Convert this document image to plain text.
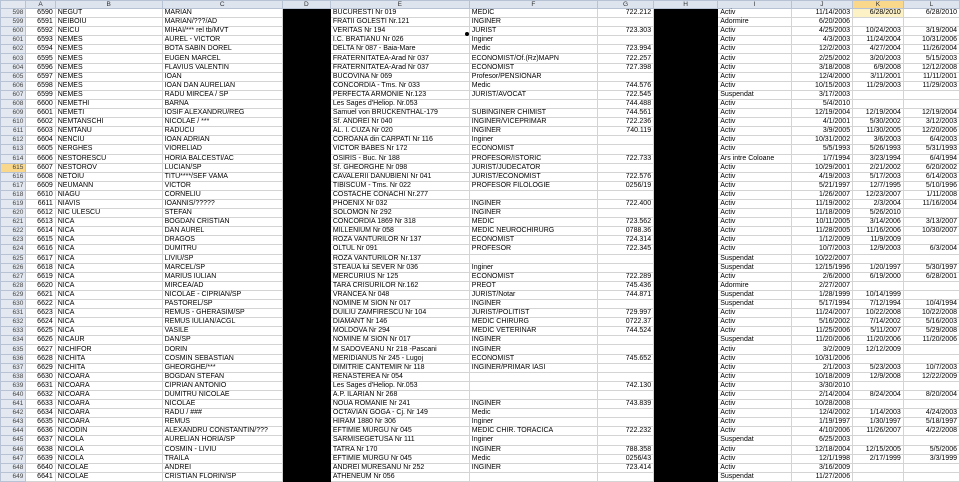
	A	B	C	D	E	F	G	H	I	J	K	L
598	6590	NEGUT	MARIAN	-1380497	BUCURESTI Nr 019	MEDIC	722.212	CUTITUL D	Activ	11/14/2003	6/28/2010	6/28/2010
599	6591	NEIBOIU	MARIAN/???/AD		FRATII GOLESTI Nr.121	INGINER			Adormire	6/20/2006		
600	6592	NEICU	MIHAI/*** rel tb/MVT	-1630217	VERITAS Nr 194	JURIST	723.303	Erou Iancu	Activ	4/25/2003	10/24/2003	3/19/2004
601	6593	NEMES	AUREL - VICTOR	-1470705	I.C. BRATIANU Nr 026	Inginer		Str. Tr.Vul	Activ	4/3/2003	11/24/2004	10/31/2006
602	6594	NEMES	BOTA SABIN DOREL	-1541125	DELTA Nr 087 - Baia-Mare	Medic	723.994	TRAIAN N	Activ	12/2/2003	4/27/2004	11/26/2004
603	6595	NEMES	EUGEN MARCEL	-1570507	FRATERNITATEA-Arad Nr 037	ECONOMIST/Of.(Rz)MAPN	722.257	Str. Dorob	Activ	2/25/2002	3/20/2003	5/15/2003
604	6596	NEMES	FLAVIUS VALENTIN	-1850607	FRATERNITATEA-Arad Nr 037	ECONOMIST	727.398	DOROBAN	Activ	3/18/2008	6/9/2008	12/12/2008
605	6597	NEMES	IOAN	-1240118	BUCOVINA Nr 069	Profesor/PENSIONAR			Activ	12/4/2000	3/11/2001	11/11/2001
606	6598	NEMES	IOAN DAN AURELIAN	-1600229	CONCORDIA - Tms. Nr 033	Medic	744.576	Str. Ulpia	Activ	10/15/2003	11/29/2003	11/29/2003
607	6599	NEMES	RADU MIRCEA / SP	-1740506	PERFECTA ARMONIE Nr.123	JURIST/AVOCAT	722.545		Suspendat	3/17/2003		
608	6600	NEMETHI	BARNA		Les Sages d'Heliop. Nr.053		744.488		Activ	5/4/2010		
609	6601	NEMETI	IOSIF ALEXANDRU/REG	-1530314	Samuel von BRUCKENTHAL-179	SUBINGINER CHIMIST	744.561	DEALULUI	Activ	12/19/2004	12/19/2004	12/19/2004
610	6602	NEMTANSCHI	NICOLAE / ***	-1590308	Sf. ANDREI Nr 040	INGINER/VICEPRIMAR	722.236	Str.Pescai	Activ	4/1/2001	5/30/2002	3/12/2003
611	6603	NEMTANU	RADUCU	-1600813	AL. I. CUZA Nr 020	INGINER	740.119	M.KOGAL	Activ	3/9/2005	11/30/2005	12/20/2006
612	6604	NENCIU	IOAN ADRIAN	-1701201	COROANA din CARPATI Nr 116	Inginer		Str. Valea	Activ	10/31/2002	3/6/2003	6/4/2003
613	6605	NERGHES	VIORELIAD		VICTOR BABES Nr 172	ECONOMIST		CLUJ - NA	Activ	5/5/1993	5/26/1993	5/31/1993
614	6606	NESTORESCU	HORIA BALCESTI/AC	-1380716	OSIRIS - Buc. Nr 188	PROFESOR/ISTORIC	722.733	sos IANCU	Ars intre Coloane	1/7/1994	3/23/1994	6/4/1994
615	6607	NESTOROV	LUCIAN/SP	-1661029	Sf. GHEORGHE Nr 098	JURIST/JUDECATOR		Str. Mares	Activ	10/29/2001	2/21/2002	6/20/2002
616	6608	NETOIU	TITU****/SEF VAMA	-1640208	CAVALERII DANUBIENI Nr 041	JURIST/ECONOMIST	722.576	Str. T. Vla	Activ	4/19/2003	5/17/2003	6/14/2003
617	6609	NEUMANN	VICTOR		TIBISCUM - Tms. Nr 022	PROFESOR FILOLOGIE	0256/19	str.Station	Activ	5/21/1997	12/7/1995	5/10/1996
618	6610	NIAGU	CORNELIU		COSTACHE CONACHI Nr.277				Activ	1/26/2007	12/23/2007	1/11/2008
619	6611	NIAVIS	IOANNIS/?????	-7630906	PHOENIX Nr 032	INGINER	722.400	POPA LAZ	Activ	11/19/2002	2/3/2004	11/16/2004
620	6612	NIC ULESCU	STEFAN		SOLOMON Nr 292	INGINER			Activ	11/18/2009	5/26/2010	
621	6613	NICA	BOGDAN CRISTIAN	-1661217	CONCORDIA 1869 Nr 318	MEDIC	723.562	PLOIESTI	Activ	10/11/2005	3/14/2006	3/13/2007
622	6614	NICA	DAN AUREL	-1611208	MILLENIUM Nr 058	MEDIC NEUROCHIRURG	0788.36	MOTOC N	Activ	11/28/2005	11/16/2006	10/30/2007
623	6615	NICA	DRAGOS		ROZA VANTURILOR Nr 137	ECONOMIST	724.314	BUCURES	Activ	1/12/2009	11/9/2009	
624	6616	NICA	DUMITRU	-1411017	OLTUL Nr 091	PROFESOR	722.345		Activ	10/7/2003	12/9/2003	6/3/2004
625	6617	NICA	LIVIU/SP		ROZA VANTURILOR Nr.137				Suspendat	10/22/2007		
626	6618	NICA	MARCEL/SP		STEAUA lui SEVER Nr 036	Inginer			Suspendat	12/15/1996	1/20/1997	5/30/1997
627	6619	NICA	MARIUS IULIAN		MERCURIUS Nr 125	ECONOMIST	722.289		Activ	2/6/2000	6/19/2000	6/28/2001
628	6620	NICA	MIRCEA/AD	-1560907	TARA CRISURILOR Nr.162	PREOT	745.436	GRADINAR	Adormire	2/27/2007		
629	6621	NICA	NICOLAE - CIPRIAN/SP		VRANCEA Nr 048	JURIST/Notar	744.871		Suspendat	1/28/1999	10/14/1999	
630	6622	NICA	PASTOREL/SP		NOMINE M SION Nr 017	INGINER			Suspendat	5/17/1994	7/12/1994	10/4/1994
631	6623	NICA	REMUS - GHERASIM/SP	-1770531	DUILIU ZAMFIRESCU Nr 104	JURIST/POLITIST	729.997	COM.JARI	Activ	11/24/2007	10/22/2008	10/22/2008
632	6624	NICA	REMUS IULIAN/ACGL	-1750620	DIAMANT Nr 146	MEDIC CHIRURG	0722.37	str.Louis P	Activ	5/16/2002	7/14/2002	5/16/2003
633	6625	NICA	VASILE	-1600313	MOLDOVA Nr 294	MEDIC VETERINAR	744.524	M EMINES	Activ	11/25/2006	5/11/2007	5/29/2008
634	6626	NICAUR	DAN/SP		NOMINE M SION Nr 017	INGINER			Suspendat	11/20/2006	11/20/2006	11/20/2006
635	6627	NICHIFOR	DORIN		M SADOVEANU Nr 218 -Pascani	INGINER			Activ	3/2/2009	12/12/2009	
636	6628	NICHITA	COSMIN SEBASTIAN	-1760730	MERIDIANUS Nr 245 - Lugoj	ECONOMIST	745.652	CARANSE	Activ	10/31/2006		
637	6629	NICHITA	GHEORGHE/***	-1560915	DIMITRIE CANTEMIR Nr 118	INGINER/PRIMAR IASI		Str. P. Ra	Activ	2/1/2003	5/23/2003	10/7/2003
638	6630	NICOARA	BOGDAN STEFAN		RENASTEREA Nr 054			TARGU M	Activ	10/18/2009	12/9/2008	12/22/2009
639	6631	NICOARA	CIPRIAN ANTONIO		Les Sages d'Heliop. Nr.053		742.130		Activ	3/30/2010		
640	6632	NICOARA	DUMITRU NICOLAE		A.P. ILARIAN Nr 268				Activ	2/14/2004	8/24/2004	8/20/2004
641	6633	NICOARA	NICOLAE	-1521123	NOUA ROMANIE Nr 241	INGINER	743.839	BD T.VLA	Activ	10/28/2008		
642	6634	NICOARA	RADU / ###		OCTAVIAN GOGA - Cj. Nr 149	Medic		str. -Cluj-N	Activ	12/4/2002	1/14/2003	4/24/2003
643	6635	NICOARA	REMUS		HIRAM 1880 Nr 306	Inginer			Activ	1/19/1997	1/30/1997	5/18/1997
644	6636	NICODIN	ALEXANDRU CONSTANTIN/???	-1580520	EFTIMIE MURGU Nr 045	MEDIC CHIR. TORACICA	722.232	VASILE G	Activ	4/10/2006	11/26/2007	4/22/2008
645	6637	NICOLA	AURELIAN HORIA/SP		SARMISEGETUSA Nr 111	Inginer			Suspendat	6/25/2003		
646	6638	NICOLA	COSMIN - LIVIU	-1691209	TATRA Nr 170	INGINER	788.358	SOS PAN	Activ	12/18/2004	12/15/2005	5/5/2006
647	6639	NICOLA	TRAILA		EFTIMIE MURGU Nr 045	Medic	0256/43	Str.Conola	Activ	12/1/1998	2/17/1999	3/3/1999
648	6640	NICOLAE	ANDREI	-1760821	ANDREI MURESANU Nr 252	INGINER	723.414	BUCURES	Activ	3/16/2009		
649	6641	NICOLAE	CRISTIAN FLORIN/SP		ATHENEUM Nr 056				Suspendat	11/27/2006		
